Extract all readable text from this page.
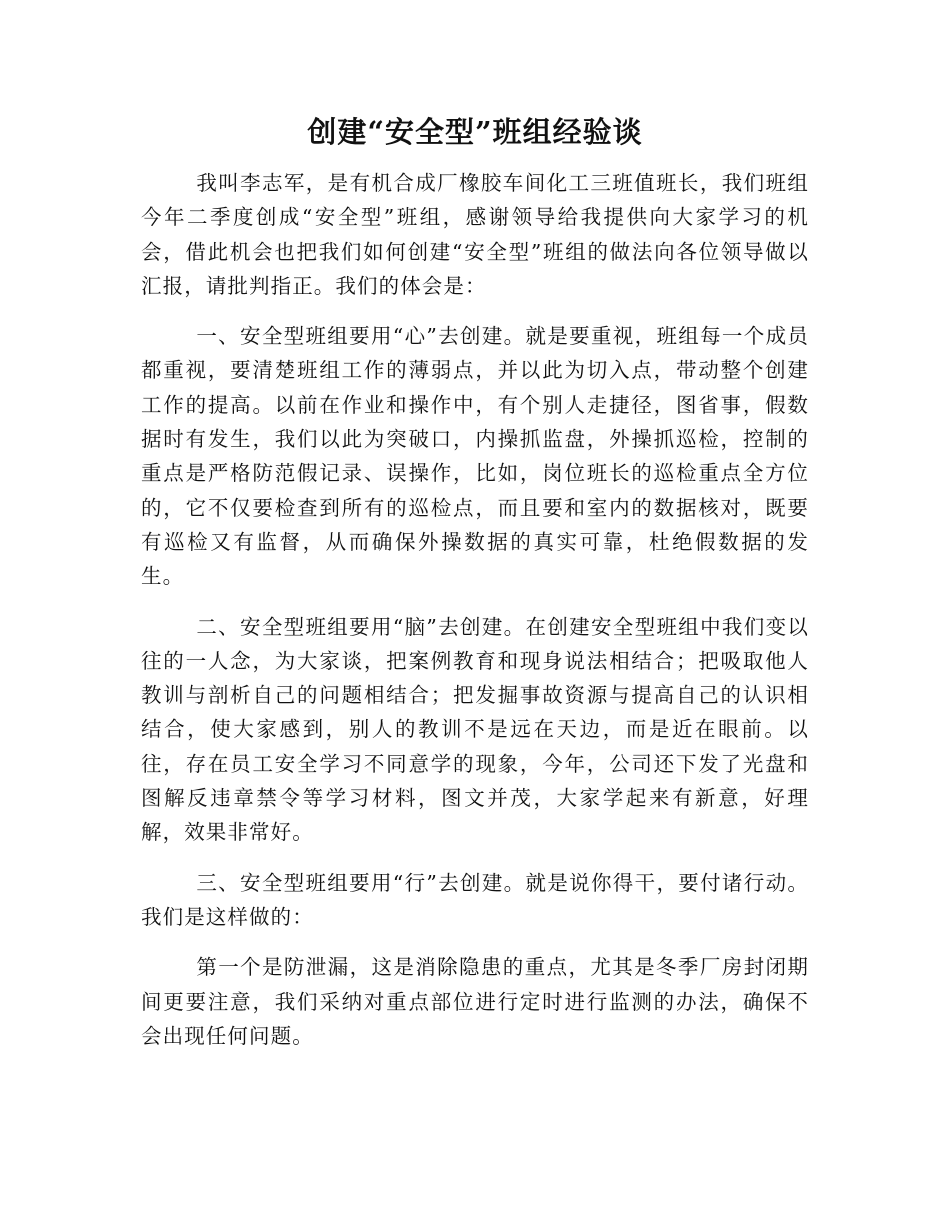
创建“安全型”班组经验谈

我叫李志军，是有机合成厂橡胶车间化工三班值班长，我们班组今年二季度创成“安全型”班组，感谢领导给我提供向大家学习的机会，借此机会也把我们如何创建“安全型”班组的做法向各位领导做以汇报，请批判指正。我们的体会是：

一、安全型班组要用“心”去创建。就是要重视，班组每一个成员都重视，要清楚班组工作的薄弱点，并以此为切入点，带动整个创建工作的提高。以前在作业和操作中，有个别人走捷径，图省事，假数据时有发生，我们以此为突破口，内操抓监盘，外操抓巡检，控制的重点是严格防范假记录、误操作，比如，岗位班长的巡检重点全方位的，它不仅要检查到所有的巡检点，而且要和室内的数据核对，既要有巡检又有监督，从而确保外操数据的真实可靠，杜绝假数据的发生。

二、安全型班组要用“脑”去创建。在创建安全型班组中我们变以往的一人念，为大家谈，把案例教育和现身说法相结合；把吸取他人教训与剖析自己的问题相结合；把发掘事故资源与提高自己的认识相结合，使大家感到，别人的教训不是远在天边，而是近在眼前。以往，存在员工安全学习不同意学的现象，今年，公司还下发了光盘和图解反违章禁令等学习材料，图文并茂，大家学起来有新意，好理解，效果非常好。

三、安全型班组要用“行”去创建。就是说你得干，要付诸行动。我们是这样做的：

第一个是防泄漏，这是消除隐患的重点，尤其是冬季厂房封闭期间更要注意，我们采纳对重点部位进行定时进行监测的办法，确保不会出现任何问题。
